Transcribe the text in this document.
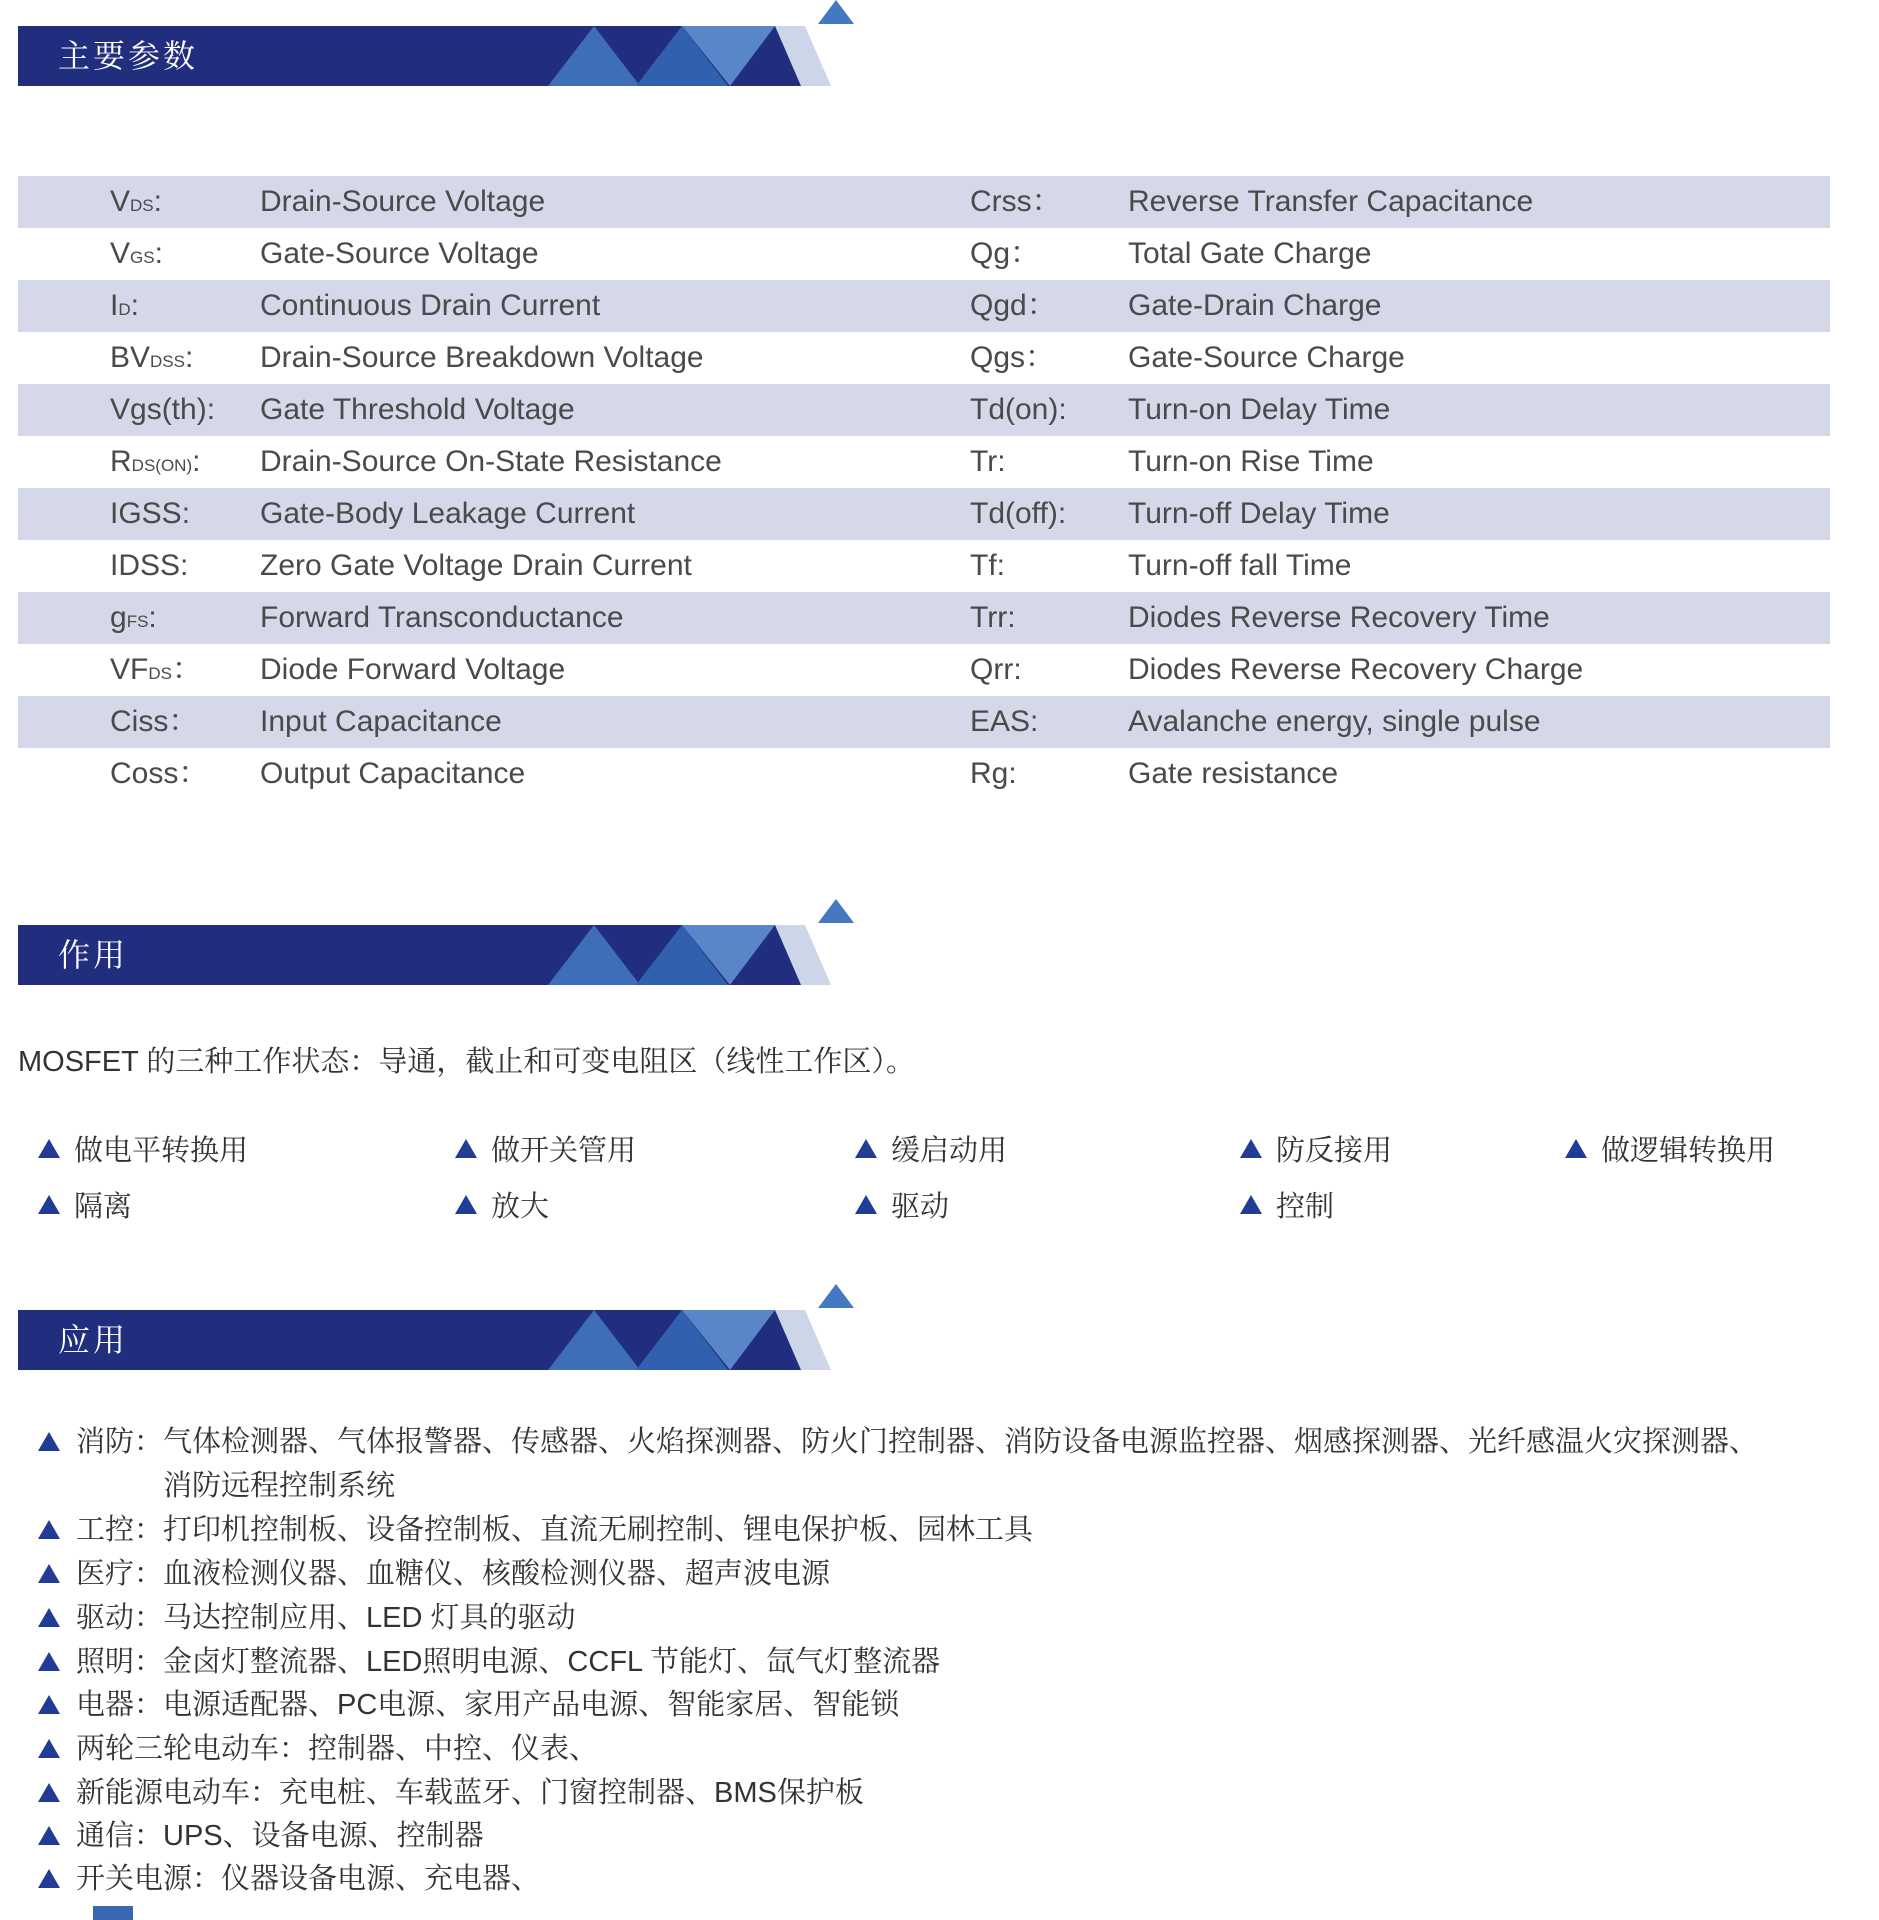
主要参数
VDS:	Drain-Source Voltage	Crss：	Reverse Transfer Capacitance
VGS:	Gate-Source Voltage	Qg：	Total Gate Charge
ID:	Continuous Drain Current	Qgd：	Gate-Drain Charge
BVDSS:	Drain-Source Breakdown Voltage	Qgs：	Gate-Source Charge
Vgs(th):	Gate Threshold Voltage	Td(on):	Turn-on Delay Time
RDS(ON):	Drain-Source On-State Resistance	Tr:	Turn-on Rise Time
IGSS:	Gate-Body Leakage Current	Td(off):	Turn-off Delay Time
IDSS:	Zero Gate Voltage Drain Current	Tf:	Turn-off fall Time
gFS:	Forward Transconductance	Trr:	Diodes Reverse Recovery Time
VFDS：	Diode Forward Voltage	Qrr:	Diodes Reverse Recovery Charge
Ciss：	Input Capacitance	EAS:	Avalanche energy, single pulse
Coss：	Output Capacitance	Rg:	Gate resistance
作用
MOSFET 的三种工作状态：导通，截止和可变电阻区（线性工作区）。
做电平转换用	做开关管用	缓启动用	防反接用	做逻辑转换用
隔离	放大	驱动	控制
应用
消防： 气体检测器、气体报警器、传感器、火焰探测器、防火门控制器、消防设备电源监控器、烟感探测器、光纤感温火灾探测器、
消防远程控制系统
工控： 打印机控制板、设备控制板、直流无刷控制、锂电保护板、园林工具
医疗： 血液检测仪器、血糖仪、核酸检测仪器、超声波电源
驱动： 马达控制应用、LED 灯具的驱动
照明： 金卤灯整流器、LED照明电源、CCFL 节能灯、氙气灯整流器
电器： 电源适配器、PC电源、家用产品电源、智能家居、智能锁
两轮三轮电动车： 控制器、中控、仪表、
新能源电动车： 充电桩、车载蓝牙、门窗控制器、BMS保护板
通信： UPS、设备电源、控制器
开关电源： 仪器设备电源、充电器、
